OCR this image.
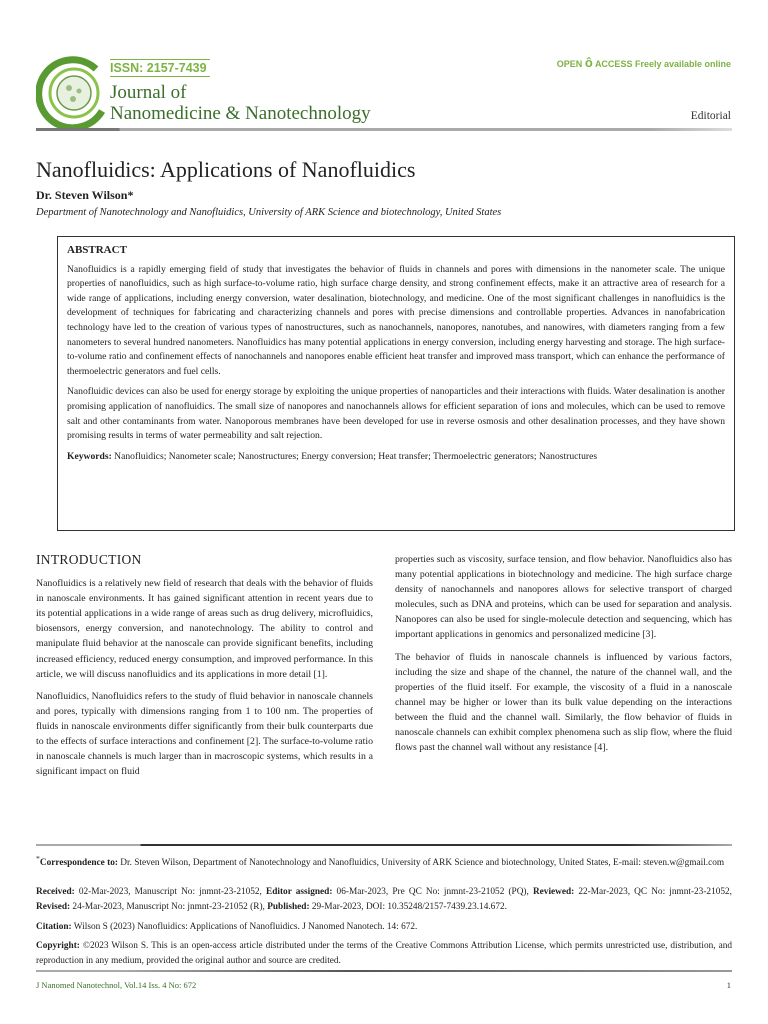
ISSN: 2157-7439
Journal of
Nanomedicine & Nanotechnology
OPEN ô ACCESS Freely available online
Editorial
Nanofluidics: Applications of Nanofluidics
Dr. Steven Wilson*
Department of Nanotechnology and Nanofluidics, University of ARK Science and biotechnology, United States
ABSTRACT

Nanofluidics is a rapidly emerging field of study that investigates the behavior of fluids in channels and pores with dimensions in the nanometer scale. The unique properties of nanofluidics, such as high surface-to-volume ratio, high surface charge density, and strong confinement effects, make it an attractive area of research for a wide range of applications, including energy conversion, water desalination, biotechnology, and medicine. One of the most significant challenges in nanofluidics is the development of techniques for fabricating and characterizing channels and pores with precise dimensions and controllable properties. Advances in nanofabrication technology have led to the creation of various types of nanostructures, such as nanochannels, nanopores, nanotubes, and nanowires, with diameters ranging from a few nanometers to several hundred nanometers. Nanofluidics has many potential applications in energy conversion, including energy harvesting and storage. The high surface-to-volume ratio and confinement effects of nanochannels and nanopores enable efficient heat transfer and improved mass transport, which can enhance the performance of thermoelectric generators and fuel cells.

Nanofluidic devices can also be used for energy storage by exploiting the unique properties of nanoparticles and their interactions with fluids. Water desalination is another promising application of nanofluidics. The small size of nanopores and nanochannels allows for efficient separation of ions and molecules, which can be used to remove salt and other contaminants from water. Nanoporous membranes have been developed for use in reverse osmosis and other desalination processes, and they have shown promising results in terms of water permeability and salt rejection.

Keywords: Nanofluidics; Nanometer scale; Nanostructures; Energy conversion; Heat transfer; Thermoelectric generators; Nanostructures

INTRODUCTION

Nanofluidics is a relatively new field of research that deals with the behavior of fluids in nanoscale environments. It has gained significant attention in recent years due to its potential applications in a wide range of areas such as drug delivery, microfluidics, biosensors, energy conversion, and nanotechnology. The ability to control and manipulate fluid behavior at the nanoscale can provide significant benefits, including increased efficiency, reduced energy consumption, and improved performance. In this article, we will discuss nanofluidics and its applications in more detail [1].

Nanofluidics, Nanofluidics refers to the study of fluid behavior in nanoscale channels and pores, typically with dimensions ranging from 1 to 100 nm. The properties of fluids in nanoscale environments differ significantly from their bulk counterparts due to the effects of surface interactions and confinement [2]. The surface-to-volume ratio in nanoscale channels is much larger than in macroscopic systems, which results in a significant impact on fluid

properties such as viscosity, surface tension, and flow behavior. Nanofluidics also has many potential applications in biotechnology and medicine. The high surface charge density of nanochannels and nanopores allows for selective transport of charged molecules, such as DNA and proteins, which can be used for separation and analysis. Nanopores can also be used for single-molecule detection and sequencing, which has important applications in genomics and personalized medicine [3].

The behavior of fluids in nanoscale channels is influenced by various factors, including the size and shape of the channel, the nature of the channel wall, and the properties of the fluid itself. For example, the viscosity of a fluid in a nanoscale channel may be higher or lower than its bulk value depending on the interactions between the fluid and the channel wall. Similarly, the flow behavior of fluids in nanoscale channels can exhibit complex phenomena such as slip flow, where the fluid flows past the channel wall without any resistance [4].

*Correspondence to: Dr. Steven Wilson, Department of Nanotechnology and Nanofluidics, University of ARK Science and biotechnology, United States, E-mail: steven.w@gmail.com
Received: 02-Mar-2023, Manuscript No: jnmnt-23-21052, Editor assigned: 06-Mar-2023, Pre QC No: jnmnt-23-21052 (PQ), Reviewed: 22-Mar-2023, QC No: jnmnt-23-21052, Revised: 24-Mar-2023, Manuscript No: jnmnt-23-21052 (R), Published: 29-Mar-2023, DOI: 10.35248/2157-7439.23.14.672.
Citation: Wilson S (2023) Nanofluidics: Applications of Nanofluidics. J Nanomed Nanotech. 14: 672.
Copyright: ©2023 Wilson S. This is an open-access article distributed under the terms of the Creative Commons Attribution License, which permits unrestricted use, distribution, and reproduction in any medium, provided the original author and source are credited.
J Nanomed Nanotechnol, Vol.14 Iss. 4 No: 672	1
